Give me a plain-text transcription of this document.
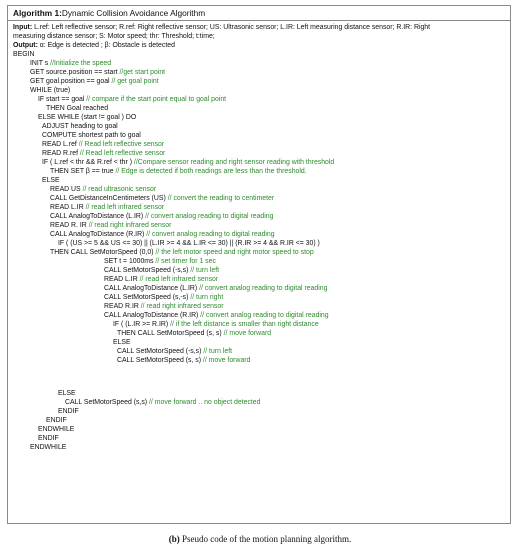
Algorithm 1:Dynamic Collision Avoidance Algorithm
Input: L.ref: Left reflective sensor; R.ref: Right reflective sensor; US: Ultrasonic sensor; L.IR: Left measuring distance sensor; R.IR: Right
measuring distance sensor; S: Motor speed; thr: Threshold; t:time;
Output: α: Edge is detected ; β: Obstacle is detected
BEGIN
INIT s //Initialize the speed
GET source.position == start //get start point
GET goal.position == goal // get goal point
WHILE (true)
IF start == goal // compare if the start point equal to goal point
THEN Goal reached
ELSE WHILE (start != goal ) DO
ADJUST heading to goal
COMPUTE shortest path to goal
READ L.ref // Read left reflective sensor
READ R.ref // Read left reflective sensor
IF ( L.ref < thr && R.ref < thr ) //Compare sensor reading and right sensor reading with threshold
THEN SET β == true // Edge is detected if both readings are less than the threshold.
ELSE
READ US // read ultrasonic sensor
CALL GetDistanceInCentimeters (US) // convert the reading to centimeter
READ L.IR // read left infrared sensor
CALL AnalogToDistance (L.IR) // convert analog reading to digital reading
READ R. IR // read right infrared sensor
CALL AnalogToDistance (R.IR) // convert analog reading to digital reading
IF ( (US >= 5 && US <= 30) || (L.IR >= 4 && L.IR <= 30) || (R.IR >= 4 && R.IR <= 30) )
THEN CALL SetMotorSpeed (0,0) // the left motor speed and right motor speed to stop
SET t = 1000ms // set timer for 1 sec
CALL SetMotorSpeed (-s,s) // turn left
READ L.IR // read left infrared sensor
CALL AnalogToDistance (L.IR) // convert analog reading to digital reading
CALL SetMotorSpeed (s,-s) // turn right
READ R.IR // read right infrared sensor
CALL AnalogToDistance (R.IR) // convert analog reading to digital reading
IF ( (L.IR >= R.IR) // if the left distance is smaller than right distance
THEN CALL SetMotorSpeed (s, s) // move forward
ELSE
CALL SetMotorSpeed (-s,s) // turn left
CALL SetMotorSpeed (s, s) // move forward
ELSE
CALL SetMotorSpeed (s,s) // move forward .. no object detected
ENDIF
ENDIF
ENDWHILE
ENDIF
ENDWHILE
(b) Pseudo code of the motion planning algorithm.
